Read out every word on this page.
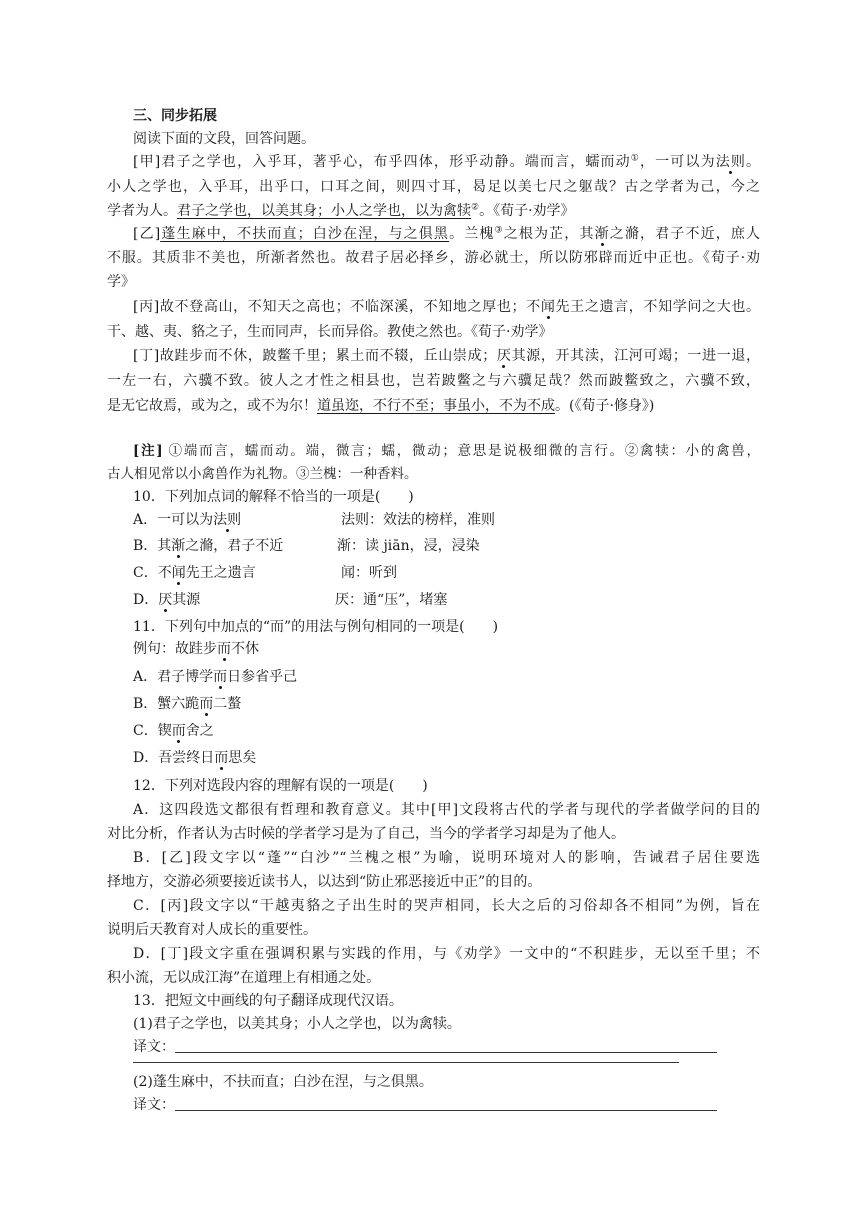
三、同步拓展
阅读下面的文段，回答问题。
[甲]君子之学也，入乎耳，著乎心，布乎四体，形乎动静。端而言，蠕而动①，一可以为法则。
小人之学也，入乎耳，出乎口，口耳之间，则四寸耳，曷足以美七尺之躯哉？古之学者为己，今之
学者为人。君子之学也，以美其身；小人之学也，以为禽犊②。《荀子·劝学》
[乙]蓬生麻中，不扶而直；白沙在涅，与之俱黑。兰槐③之根为芷，其渐之滫，君子不近，庶人
不服。其质非不美也，所渐者然也。故君子居必择乡，游必就士，所以防邪辟而近中正也。《荀子·劝
学》
[丙]故不登高山，不知天之高也；不临深溪，不知地之厚也；不闻先王之遗言，不知学问之大也。
干、越、夷、貉之子，生而同声，长而异俗。教使之然也。《荀子·劝学》
[丁]故跬步而不休，跛鳖千里；累土而不辍，丘山崇成；厌其源，开其渎，江河可竭；一进一退，
一左一右，六骥不致。彼人之才性之相县也，岂若跛鳖之与六骥足哉？然而跛鳖致之，六骥不致，
是无它故焉，或为之，或不为尔！道虽迩，不行不至；事虽小，不为不成。(《荀子·修身》)
[注] ①端而言，蠕而动。端，微言；蠕，微动；意思是说极细微的言行。②禽犊：小的禽兽，
古人相见常以小禽兽作为礼物。③兰槐：一种香料。
10．下列加点词的解释不恰当的一项是(　　)
A．一可以为法则	法则：效法的榜样，准则
B．其渐之滫，君子不近	渐：读 jiān，浸，浸染
C．不闻先王之遗言	闻：听到
D．厌其源	厌：通“压”，堵塞
11．下列句中加点的“而”的用法与例句相同的一项是(　　)
例句：故跬步而不休
A．君子博学而日参省乎己
B．蟹六跪而二螯
C．锲而舍之
D．吾尝终日而思矣
12．下列对选段内容的理解有误的一项是(　　)
A．这四段选文都很有哲理和教育意义。其中[甲]文段将古代的学者与现代的学者做学问的目的
对比分析，作者认为古时候的学者学习是为了自己，当今的学者学习却是为了他人。
B．[乙]段文字以“蓬”“白沙”“兰槐之根”为喻，说明环境对人的影响，告诫君子居住要选
择地方，交游必须要接近读书人，以达到“防止邪恶接近中正”的目的。
C．[丙]段文字以“干越夷貉之子出生时的哭声相同，长大之后的习俗却各不相同”为例，旨在
说明后天教育对人成长的重要性。
D．[丁]段文字重在强调积累与实践的作用，与《劝学》一文中的“不积跬步，无以至千里；不
积小流，无以成江海”在道理上有相通之处。
13．把短文中画线的句子翻译成现代汉语。
(1)君子之学也，以美其身；小人之学也，以为禽犊。
译文：
(2)蓬生麻中，不扶而直；白沙在涅，与之俱黑。
译文：
